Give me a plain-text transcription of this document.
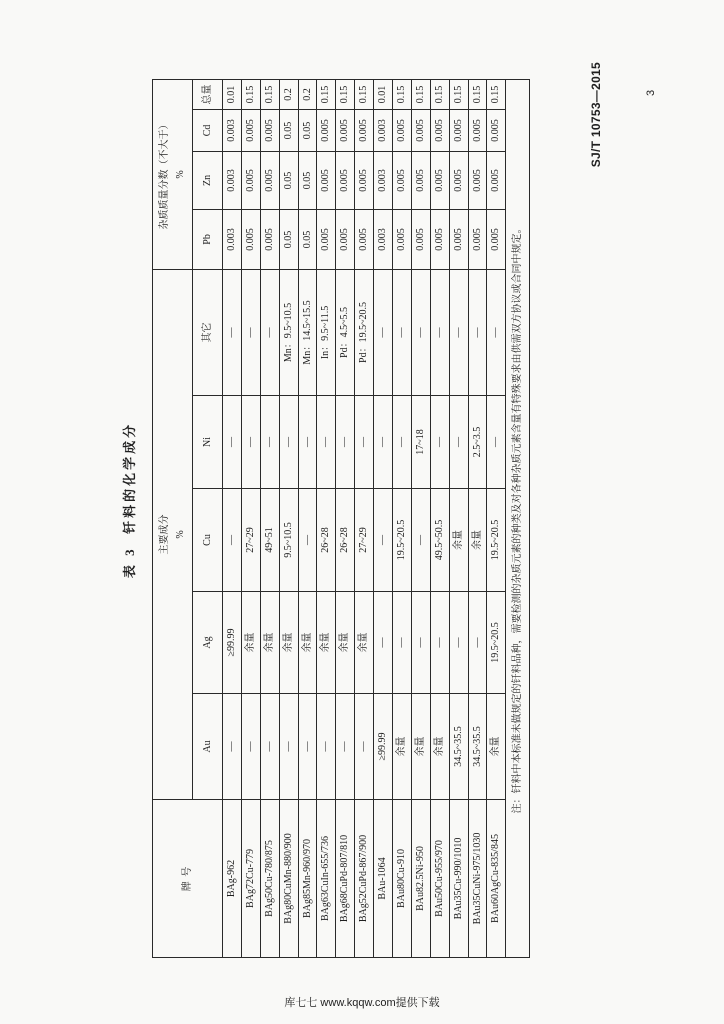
SJ/T 10753—2015	3
表 3  钎料的化学成分
牌 号	主要成分 %					杂质质量分数（不大于） %			

	Au	Ag	Cu	Ni	其它	Pb	Zn	Cd	总量
BAg-962	—	≥99.99	—	—	—	0.003	0.003	0.003	0.01
BAg72Cu-779	—	余量	27~29	—	—	0.005	0.005	0.005	0.15
BAg50Cu-780/875	—	余量	49~51	—	—	0.005	0.005	0.005	0.15
BAg80CuMn-880/900	—	余量	9.5~10.5	—	Mn：9.5~10.5	0.05	0.05	0.05	0.2
BAg85Mn-960/970	—	余量	—	—	Mn：14.5~15.5	0.05	0.05	0.05	0.2
BAg63CuIn-655/736	—	余量	26~28	—	In：9.5~11.5	0.005	0.005	0.005	0.15
BAg68CuPd-807/810	—	余量	26~28	—	Pd：4.5~5.5	0.005	0.005	0.005	0.15
BAg52CuPd-867/900	—	余量	27~29	—	Pd：19.5~20.5	0.005	0.005	0.005	0.15
BAu-1064	≥99.99	—	—	—	—	0.003	0.003	0.003	0.01
BAu80Cu-910	余量	—	19.5~20.5	—	—	0.005	0.005	0.005	0.15
BAu82.5Ni-950	余量	—	—	17~18	—	0.005	0.005	0.005	0.15
BAu50Cu-955/970	余量	—	49.5~50.5	—	—	0.005	0.005	0.005	0.15
BAu35Cu-990/1010	34.5~35.5	—	余量	—	—	0.005	0.005	0.005	0.15
BAu35CuNi-975/1030	34.5~35.5	—	余量	2.5~3.5	—	0.005	0.005	0.005	0.15
BAu60AgCu-835/845	余量	19.5~20.5	19.5~20.5	—	—	0.005	0.005	0.005	0.15
注：钎料中本标准未做规定的钎料品种，需要检测的杂质元素的种类及对各种杂质元素含量有特殊要求由供需双方协议或合同中规定。									
库七七 www.kqqw.com提供下载
